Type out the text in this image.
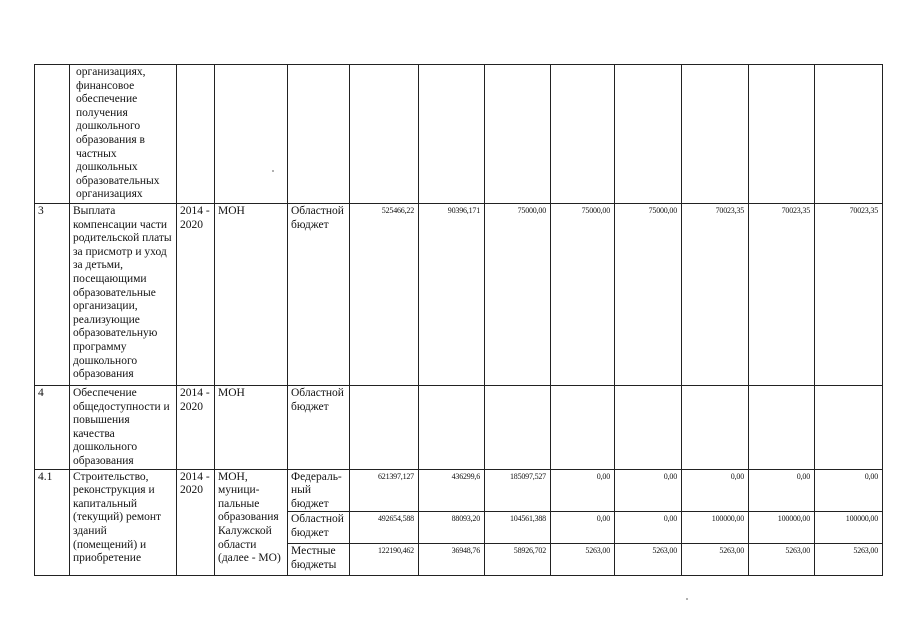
	организациях, финансовое обеспечение получения дошкольного образования в частных дошкольных образовательных организациях											

3	Выплата компенсации части родительской платы за присмотр и уход за детьми, посещающими образовательные организации, реализующие образовательную программу дошкольного образования	2014 - 2020	МОН	Областной бюджет	525466,22	90396,171	75000,00	75000,00	75000,00	70023,35	70023,35	70023,35

4	Обеспечение общедоступности и повышения качества дошкольного образования	2014 - 2020	МОН	Областной бюджет								

4.1	Строительство, реконструкция и капитальный (текущий) ремонт зданий (помещений) и приобретение	2014 - 2020	МОН, муници- пальные образования Калужской области (далее - МО)	Федераль- ный бюджет	621397,127	436299,6	185097,527	0,00	0,00	0,00	0,00	0,00

				Областной бюджет	492654,588	88093,20	104561,388	0,00	0,00	100000,00	100000,00	100000,00

				Местные бюджеты	122190,462	36948,76	58926,702	5263,00	5263,00	5263,00	5263,00	5263,00
